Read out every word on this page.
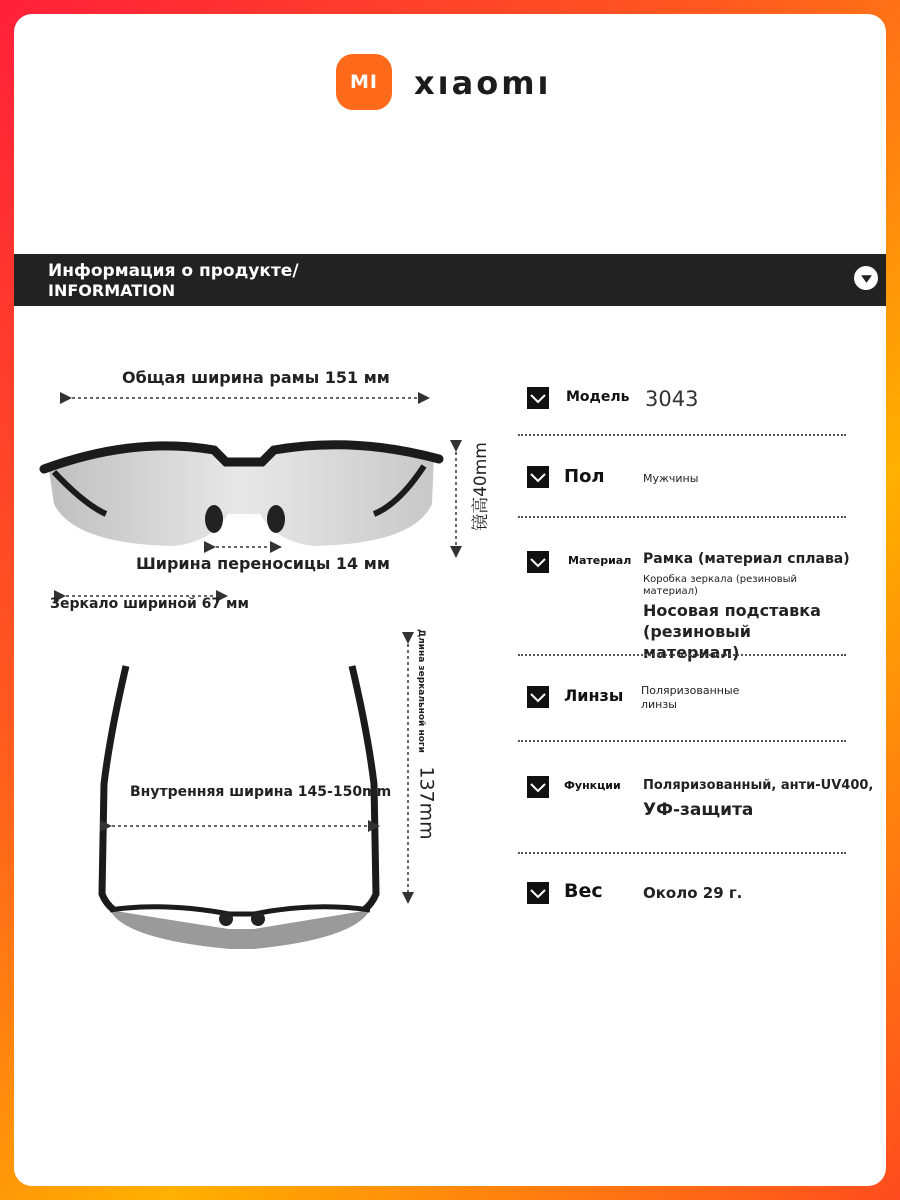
MI xıaomı
Информация о продукте/
INFORMATION
Общая ширина рамы 151 мм
镜高40mm
Ширина переносицы 14 мм
Зеркало шириной 67 мм
Внутренняя ширина 145-150mm
Длина зеркальной ноги
137mm
Модель 3043
Пол	Мужчины
Материал Рамка (материал сплава)
Коробка зеркала (резиновый материал)
Носовая подставка (резиновый материал)
Линзы Поляризованные линзы
Функции Поляризованный, анти-UV400,
УФ-защита
Вес	Около 29 г.
